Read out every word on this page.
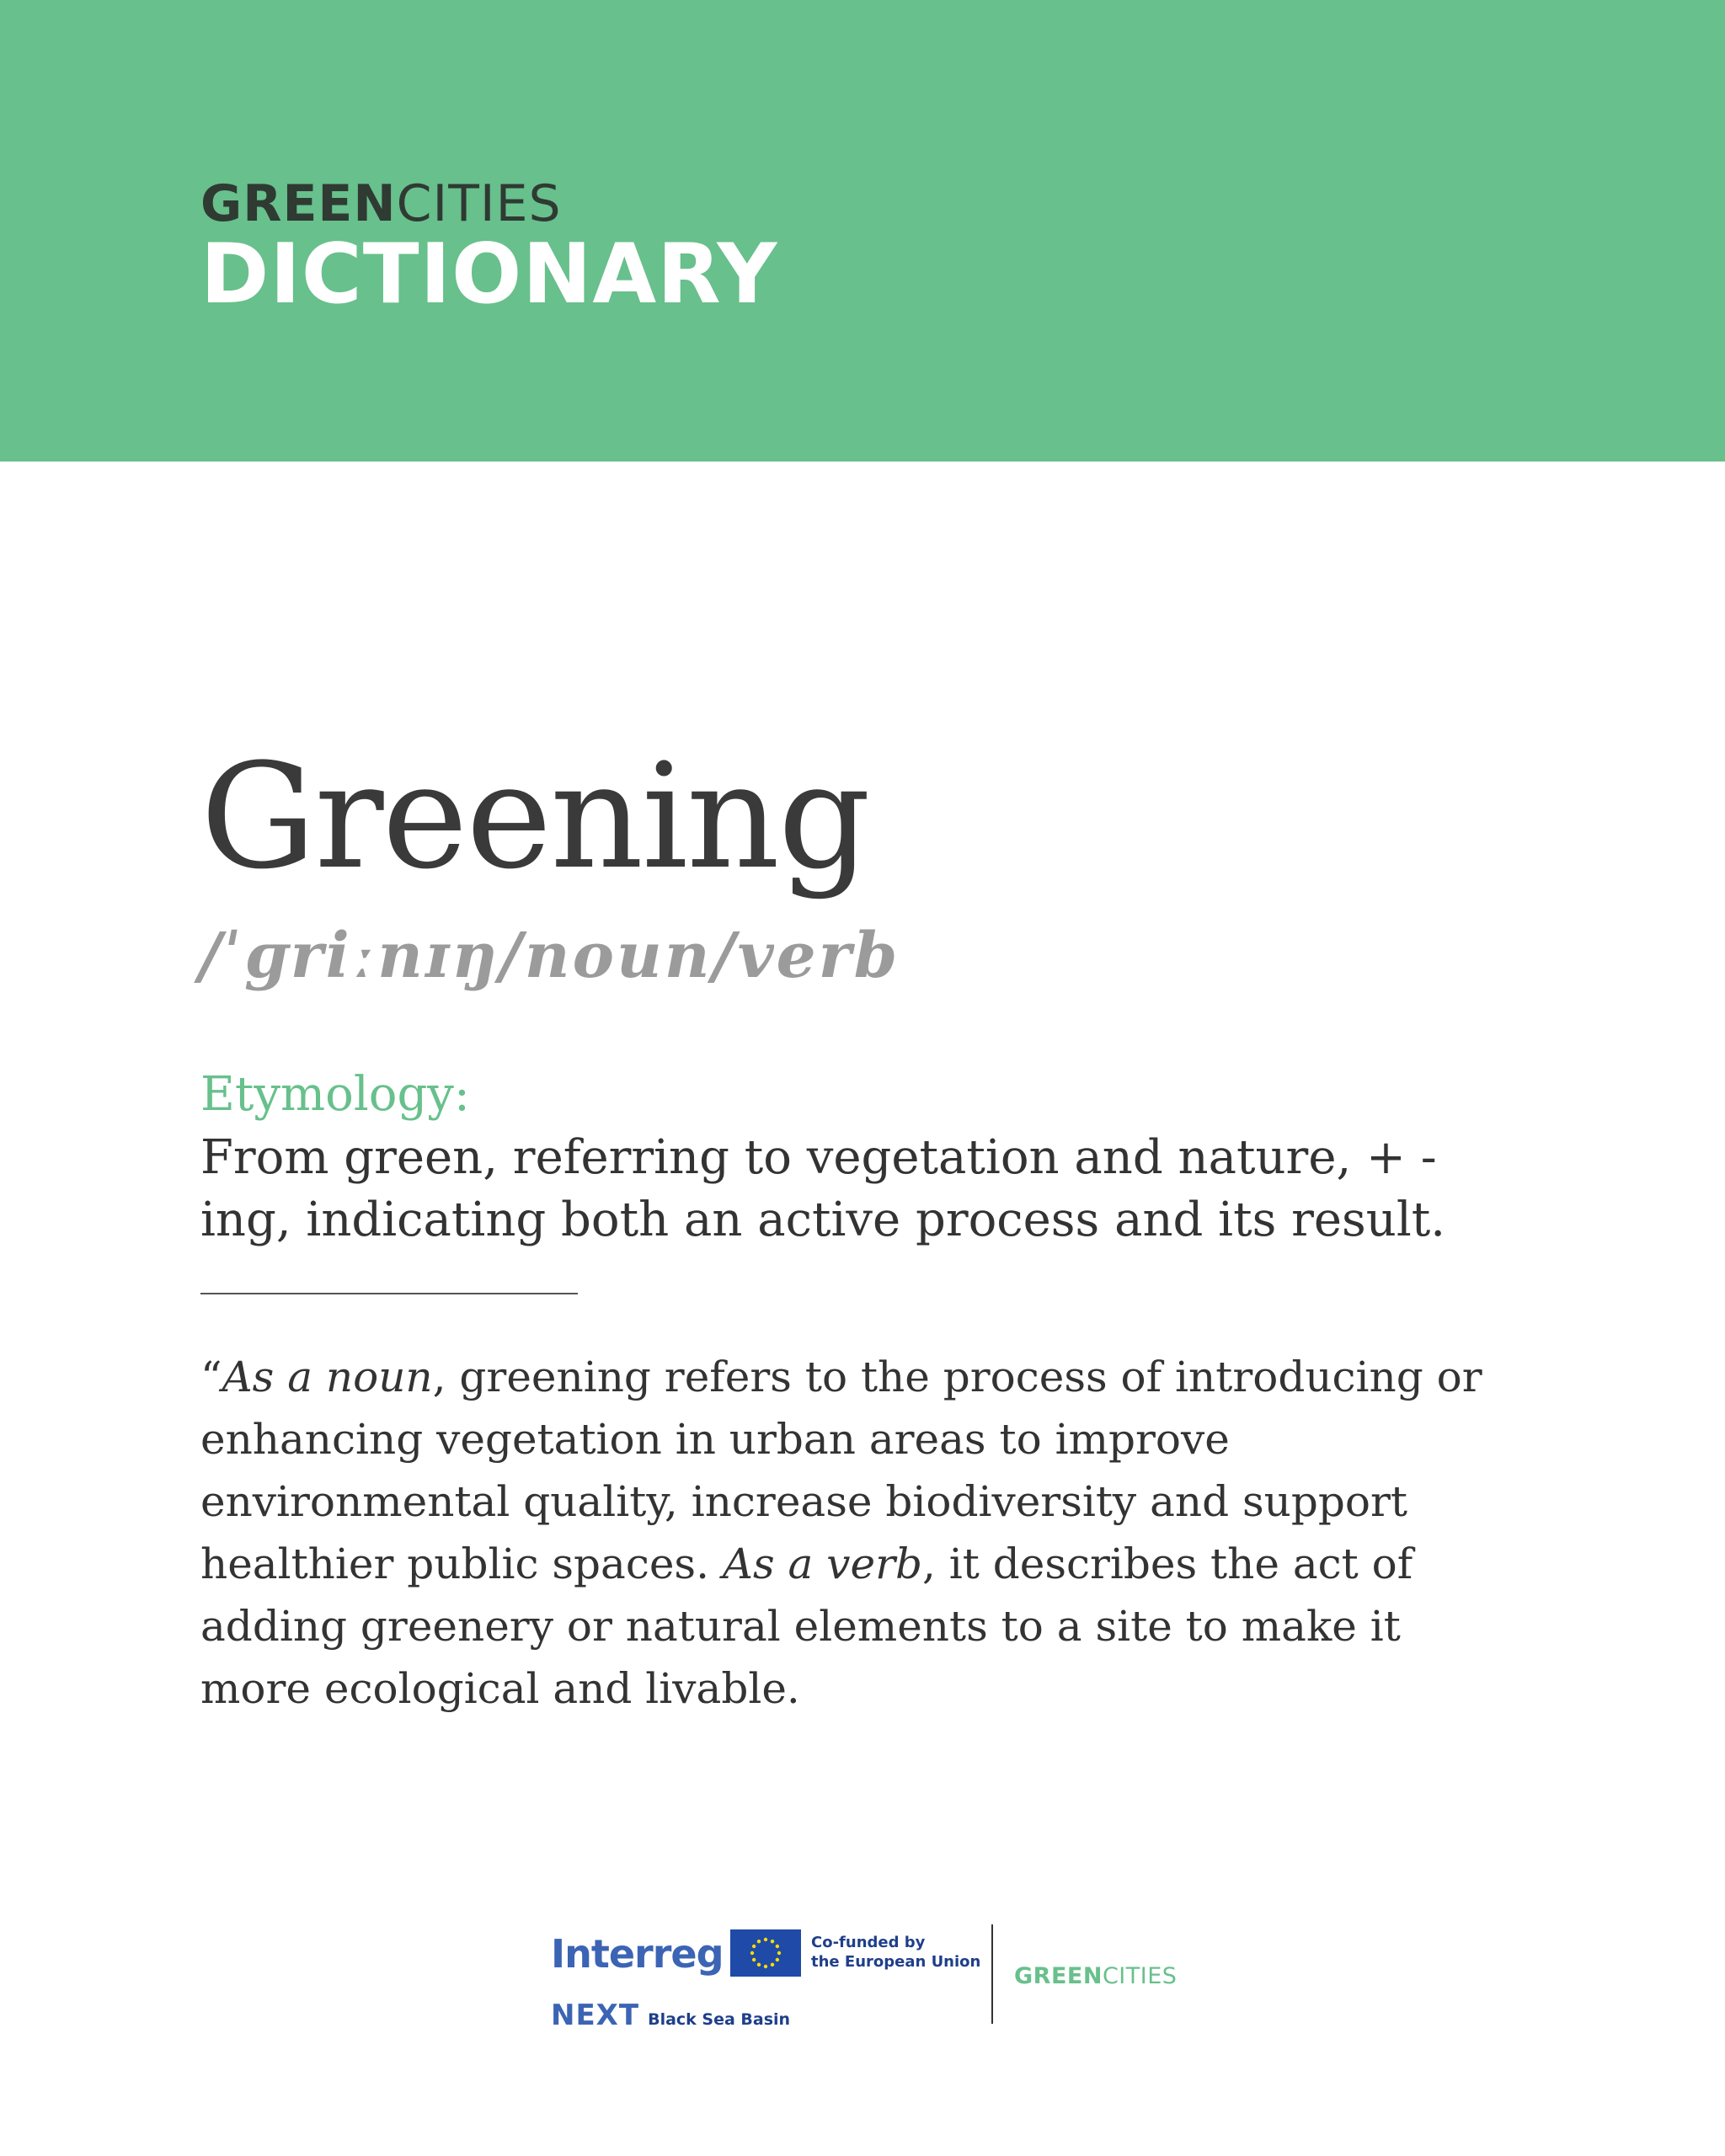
GREENCITIES
DICTIONARY
Greening
/ˈɡriːnɪŋ/noun/verb
Etymology:
From green, referring to vegetation and nature, + -ing, indicating both an active process and its result.
“As a noun, greening refers to the process of introducing or enhancing vegetation in urban areas to improve environmental quality, increase biodiversity and support healthier public spaces. As a verb, it describes the act of adding greenery or natural elements to a site to make it more ecological and livable.
Interreg
NEXT Black Sea Basin
Co-funded by
the European Union
GREENCITIES
